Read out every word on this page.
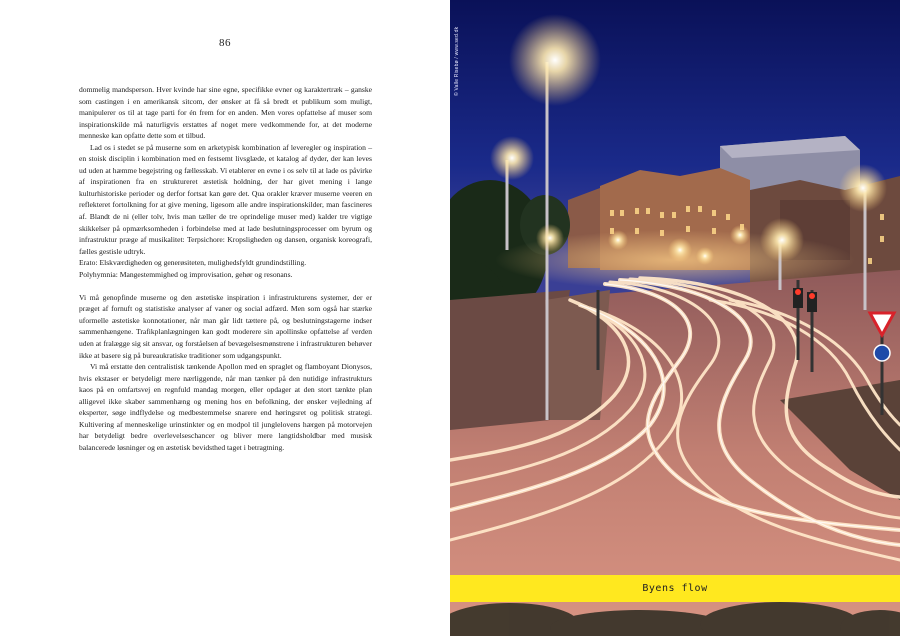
86

dommelig mandsperson. Hver kvinde har sine egne, specifikke evner og karaktertræk – ganske som castingen i en amerikansk sitcom, der ønsker at få så bredt et publikum som muligt, manipulerer os til at tage parti for én frem for en anden. Men vores opfattelse af muser som inspirationskilde må naturligvis erstattes af noget mere vedkommende for, at det moderne menneske kan opfatte dette som et tilbud.

Lad os i stedet se på muserne som en arketypisk kombination af leveregler og inspiration – en stoisk disciplin i kombination med en festsemt livsglæde, et katalog af dyder, der kan leves ud uden at hæmme begejstring og fællesskab. Vi etablerer en evne i os selv til at lade os påvirke af inspirationen fra en struktureret æstetisk holdning, der har givet mening i lange kulturhistoriske perioder og derfor fortsat kan gøre det. Qua orakler kræver muserne veeren en reflekteret fortolkning for at give mening, ligesom alle andre inspirationskilder, man fascineres af. Blandt de ni (eller tolv, hvis man tæller de tre oprindelige muser med) kalder tre vigtige skikkelser på opmærksomheden i forbindelse med at lade beslutningsprocesser om byrum og infrastruktur præge af musikalitet: Terpsichore: Kropsligheden og dansen, organisk koreografi, fælles gestisle udtryk.

Erato: Elskværdigheden og generøsiteten, mulighedsfyldt grundindstilling.

Polyhymnia: Mangestemmighed og improvisation, gehør og resonans.

Vi må genopfinde muserne og den æstetiske inspiration i infrastrukturens systemer, der er præget af fornuft og statistiske analyser af vaner og social adfærd. Men som også har stærke uformelle æstetiske konnotationer, når man går lidt tættere på, og beslutningstagerne indser sammenhængene. Trafikplanlægningen kan godt moderere sin apollinske opfattelse af verden uden at fralægge sig sit ansvar, og forståelsen af bevægelsesmønstrene i infrastrukturen behøver ikke at basere sig på bureaukratiske traditioner som udgangspunkt.

Vi må erstatte den centralistisk tænkende Apollon med en spraglet og flamboyant Dionysos, hvis ekstaser er betydeligt mere nærliggende, når man tænker på den nutidige infrastrukturs kaos på en omfartsvej en regnfuld mandag morgen, eller opdager at den stort tænkte plan alligevel ikke skaber sammenhæng og mening hos en befolkning, der ønsker vejledning af eksperter, søge indflydelse og medbestemmelse snarere end høringsret og politisk strategi. Kultivering af menneskelige urinstinkter og en modpol til junglelovens hærgen på motorvejen har betydeligt bedre overlevelseschancer og bliver mere langtidsholdbar med musisk balancerede løsninger og en æstetisk bevidsthed taget i betragtning.

© Valle Risebø / www.sed.dk
Byens flow
